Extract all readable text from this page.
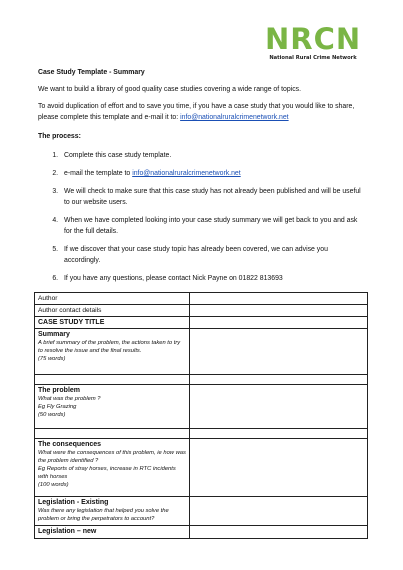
NRCN
National Rural Crime Network
Case Study Template - Summary
We want to build a library of good quality case studies covering a wide range of topics.
To avoid duplication of effort and to save you time, if you have a case study that you would like to share, please complete this template and e-mail it to: info@nationalruralcrimenetwork.net
The process:
1. Complete this case study template.
2. e-mail the template to info@nationalruralcrimenetwork.net
3. We will check to make sure that this case study has not already been published and will be useful to our website users.
4. When we have completed looking into your case study summary we will get back to you and ask for the full details.
5. If we discover that your case study topic has already been covered, we can advise you accordingly.
6. If you have any questions, please contact Nick Payne on 01822 813693
Author	

Author contact details	

CASE STUDY TITLE	

Summary
A brief summary of the problem, the actions taken to try to resolve the issue and the final results.
(75 words)	

The problem
What was the problem ?
Eg Fly Grazing
(50 words)	

The consequences
What were the consequences of this problem, ie how was the problem identified ?
Eg Reports of stray horses, increase in RTC incidents with horses
(100 words)	

Legislation - Existing
Was there any legislation that helped you solve the problem or bring the perpetrators to account?	

Legislation – new	
